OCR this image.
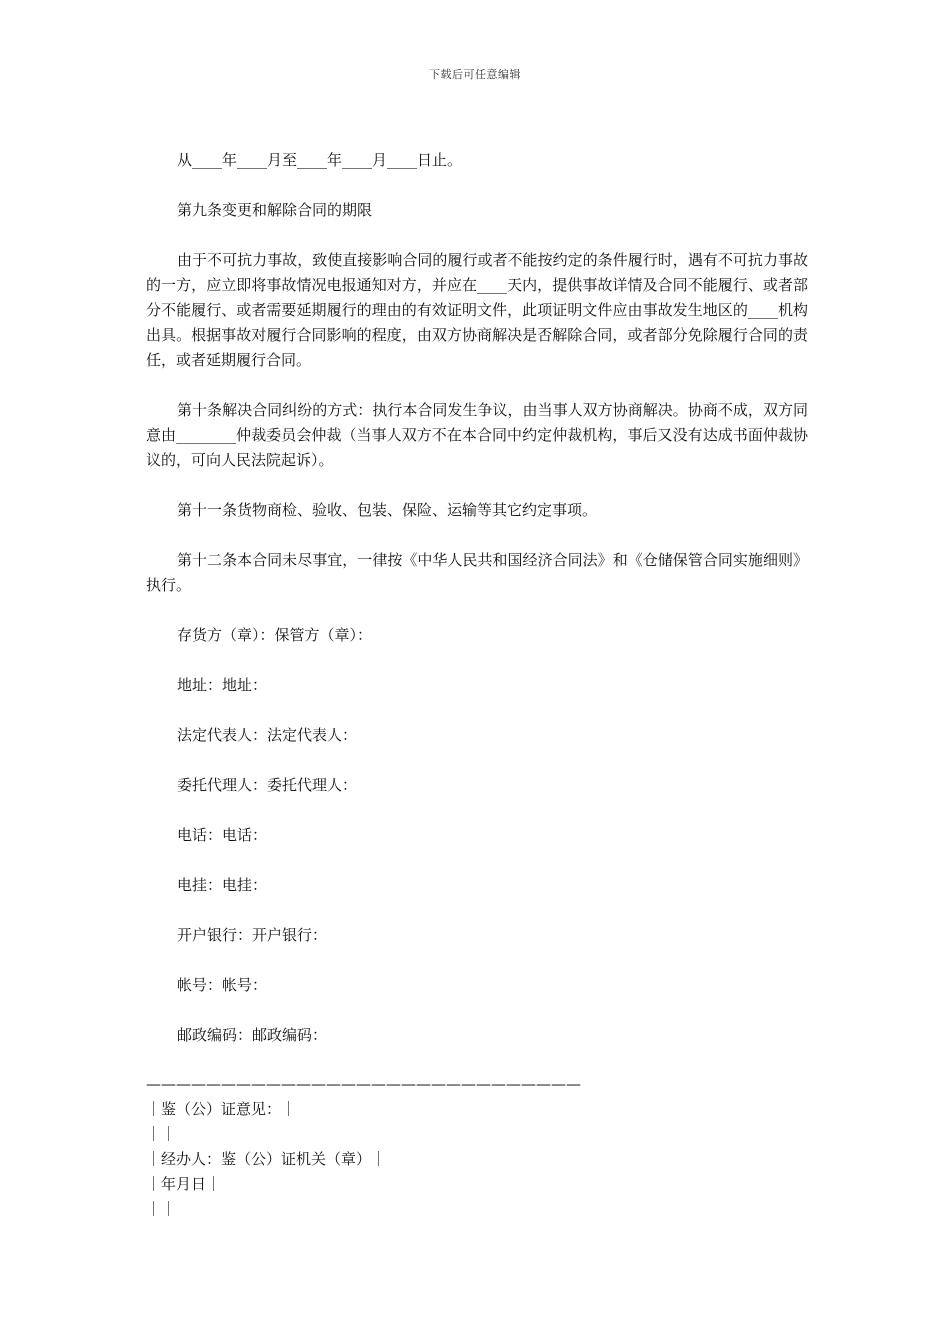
下载后可任意编辑

从____年____月至____年____月____日止。

第九条变更和解除合同的期限

由于不可抗力事故，致使直接影响合同的履行或者不能按约定的条件履行时，遇有不可抗力事故的一方，应立即将事故情况电报通知对方，并应在____天内，提供事故详情及合同不能履行、或者部分不能履行、或者需要延期履行的理由的有效证明文件，此项证明文件应由事故发生地区的____机构出具。根据事故对履行合同影响的程度，由双方协商解决是否解除合同，或者部分免除履行合同的责任，或者延期履行合同。

第十条解决合同纠纷的方式：执行本合同发生争议，由当事人双方协商解决。协商不成，双方同意由________仲裁委员会仲裁（当事人双方不在本合同中约定仲裁机构，事后又没有达成书面仲裁协议的，可向人民法院起诉）。

第十一条货物商检、验收、包装、保险、运输等其它约定事项。

第十二条本合同未尽事宜，一律按《中华人民共和国经济合同法》和《仓储保管合同实施细则》执行。

存货方（章）：保管方（章）：

地址：地址：

法定代表人：法定代表人：

委托代理人：委托代理人：

电话：电话：

电挂：电挂：

开户银行：开户银行：

帐号：帐号：

邮政编码：邮政编码：

—————————————————————————————

｜鉴（公）证意见：｜

｜｜

｜经办人：鉴（公）证机关（章）｜

｜年月日｜

｜｜
